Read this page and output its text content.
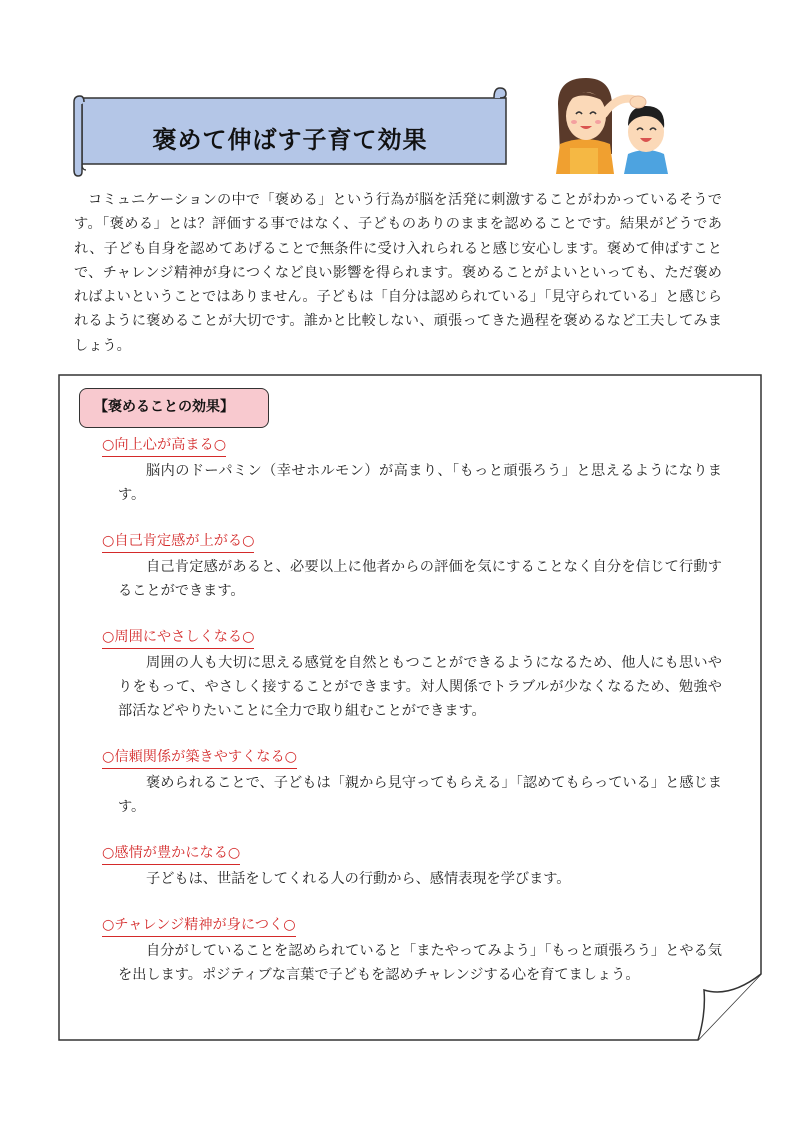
褒めて伸ばす子育て効果
コミュニケーションの中で「褒める」という行為が脳を活発に刺激することがわかっているそうです。「褒める」とは？評価する事ではなく、子どものありのままを認めることです。結果がどうであれ、子ども自身を認めてあげることで無条件に受け入れられると感じ安心します。褒めて伸ばすことで、チャレンジ精神が身につくなど良い影響を得られます。褒めることがよいといっても、ただ褒めればよいということではありません。子どもは「自分は認められている」「見守られている」と感じられるように褒めることが大切です。誰かと比較しない、頑張ってきた過程を褒めるなど工夫してみましょう。
【褒めることの効果】
○向上心が高まる○
脳内のドーパミン（幸せホルモン）が高まり、「もっと頑張ろう」と思えるようになります。
○自己肯定感が上がる○
自己肯定感があると、必要以上に他者からの評価を気にすることなく自分を信じて行動することができます。
○周囲にやさしくなる○
周囲の人も大切に思える感覚を自然ともつことができるようになるため、他人にも思いやりをもって、やさしく接することができます。対人関係でトラブルが少なくなるため、勉強や部活などやりたいことに全力で取り組むことができます。
○信頼関係が築きやすくなる○
褒められることで、子どもは「親から見守ってもらえる」「認めてもらっている」と感じます。
○感情が豊かになる○
子どもは、世話をしてくれる人の行動から、感情表現を学びます。
○チャレンジ精神が身につく○
自分がしていることを認められていると「またやってみよう」「もっと頑張ろう」とやる気を出します。ポジティブな言葉で子どもを認めチャレンジする心を育てましょう。
